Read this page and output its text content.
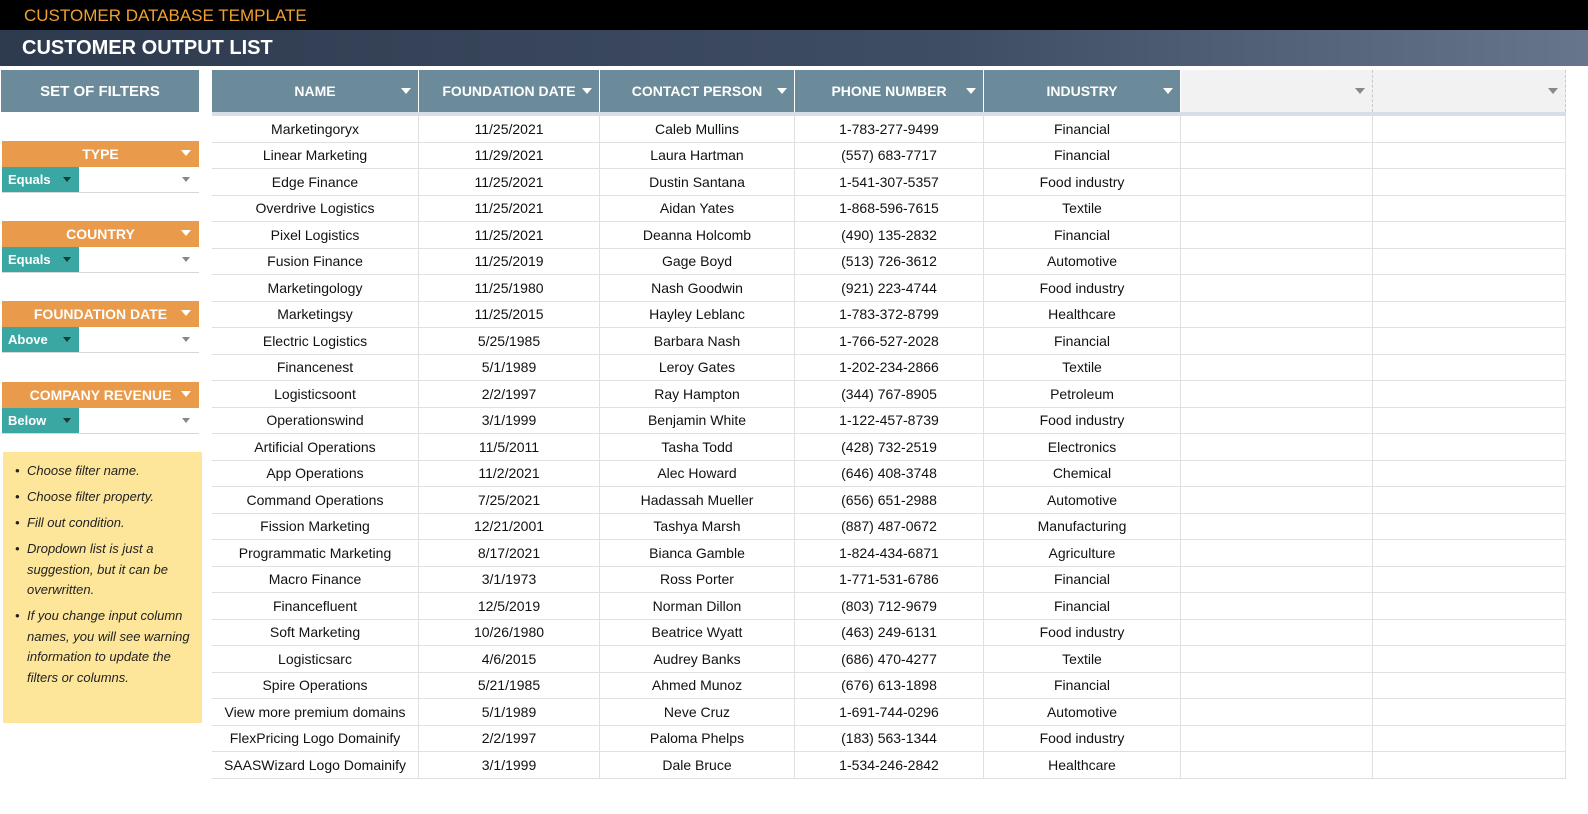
CUSTOMER DATABASE TEMPLATE
CUSTOMER OUTPUT LIST
SET OF FILTERS
TYPE
Equals
COUNTRY
Equals
FOUNDATION DATE
Above
COMPANY REVENUE
Below
• Choose filter name.
• Choose filter property.
• Fill out condition.
• Dropdown list is just a suggestion, but it can be overwritten.
• If you change input column names, you will see warning information to update the filters or columns.
NAME	FOUNDATION DATE	CONTACT PERSON	PHONE NUMBER	INDUSTRY
Marketingoryx	11/25/2021	Caleb Mullins	1-783-277-9499	Financial
Linear Marketing	11/29/2021	Laura Hartman	(557) 683-7717	Financial
Edge Finance	11/25/2021	Dustin Santana	1-541-307-5357	Food industry
Overdrive Logistics	11/25/2021	Aidan Yates	1-868-596-7615	Textile
Pixel Logistics	11/25/2021	Deanna Holcomb	(490) 135-2832	Financial
Fusion Finance	11/25/2019	Gage Boyd	(513) 726-3612	Automotive
Marketingology	11/25/1980	Nash Goodwin	(921) 223-4744	Food industry
Marketingsy	11/25/2015	Hayley Leblanc	1-783-372-8799	Healthcare
Electric Logistics	5/25/1985	Barbara Nash	1-766-527-2028	Financial
Financenest	5/1/1989	Leroy Gates	1-202-234-2866	Textile
Logisticsoont	2/2/1997	Ray Hampton	(344) 767-8905	Petroleum
Operationswind	3/1/1999	Benjamin White	1-122-457-8739	Food industry
Artificial Operations	11/5/2011	Tasha Todd	(428) 732-2519	Electronics
App Operations	11/2/2021	Alec Howard	(646) 408-3748	Chemical
Command Operations	7/25/2021	Hadassah Mueller	(656) 651-2988	Automotive
Fission Marketing	12/21/2001	Tashya Marsh	(887) 487-0672	Manufacturing
Programmatic Marketing	8/17/2021	Bianca Gamble	1-824-434-6871	Agriculture
Macro Finance	3/1/1973	Ross Porter	1-771-531-6786	Financial
Financefluent	12/5/2019	Norman Dillon	(803) 712-9679	Financial
Soft Marketing	10/26/1980	Beatrice Wyatt	(463) 249-6131	Food industry
Logisticsarc	4/6/2015	Audrey Banks	(686) 470-4277	Textile
Spire Operations	5/21/1985	Ahmed Munoz	(676) 613-1898	Financial
View more premium domains	5/1/1989	Neve Cruz	1-691-744-0296	Automotive
FlexPricing Logo Domainify	2/2/1997	Paloma Phelps	(183) 563-1344	Food industry
SAASWizard Logo Domainify	3/1/1999	Dale Bruce	1-534-246-2842	Healthcare
